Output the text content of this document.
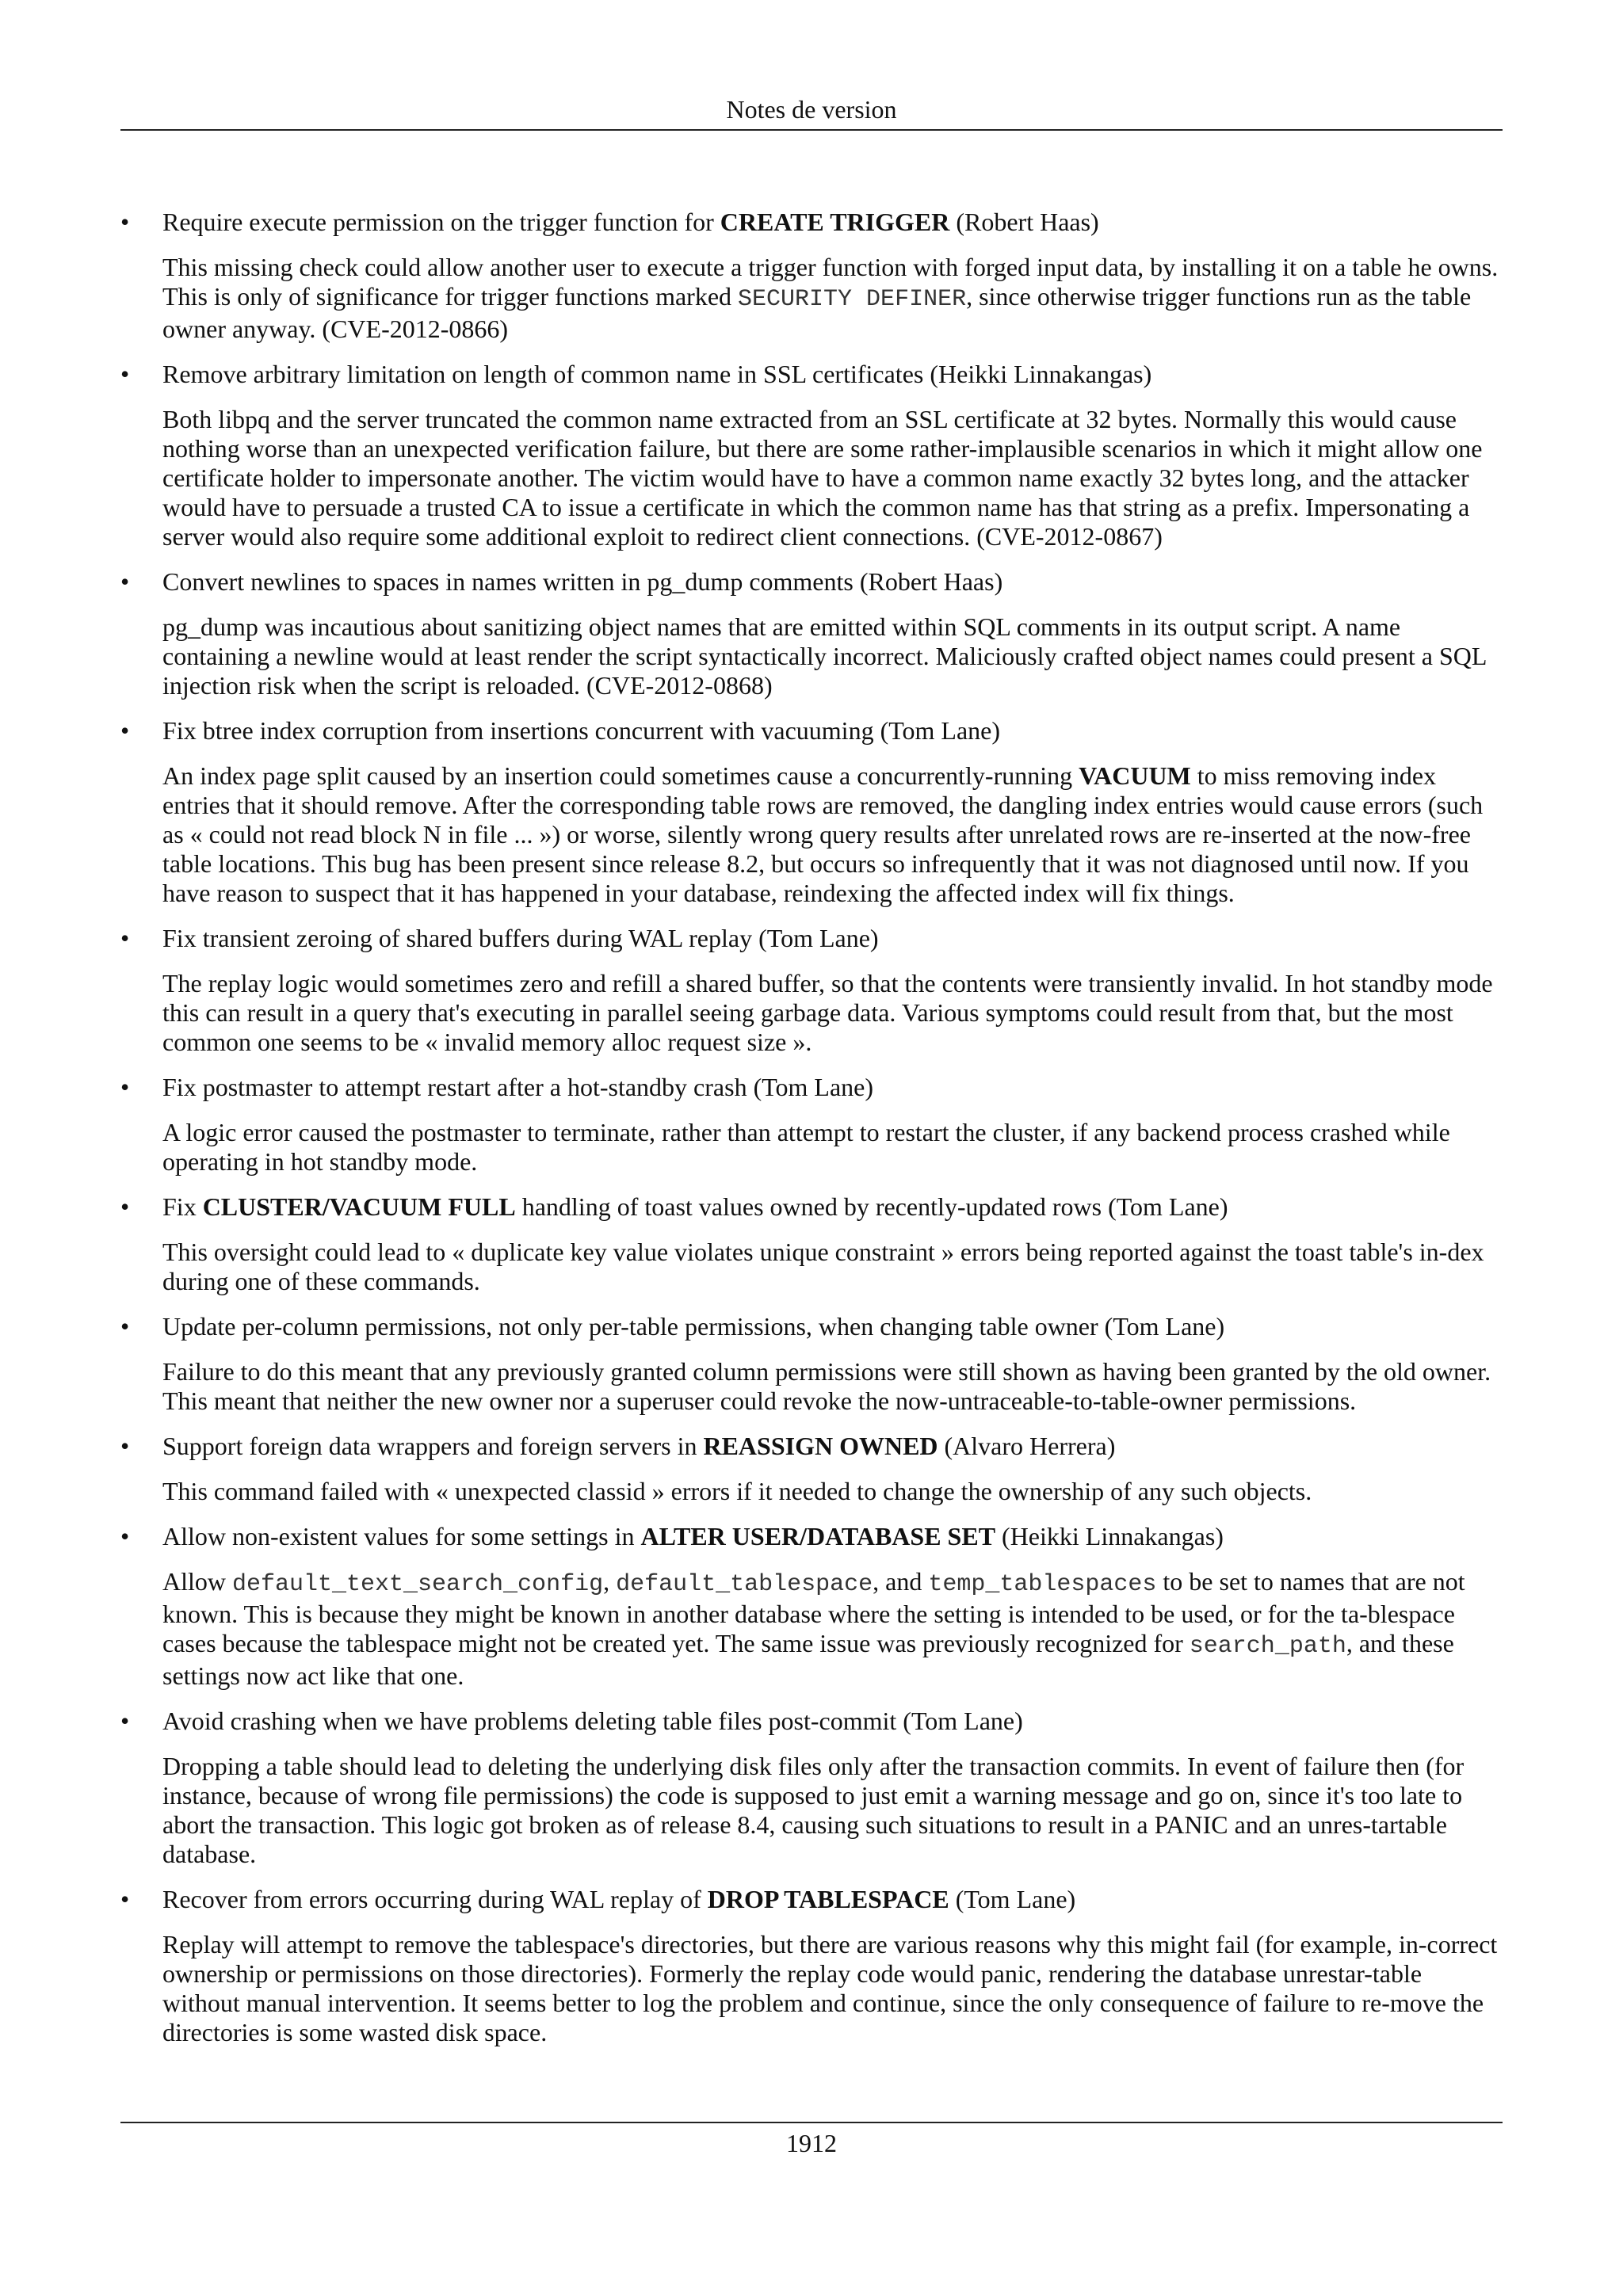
Notes de version

• Require execute permission on the trigger function for CREATE TRIGGER (Robert Haas)

This missing check could allow another user to execute a trigger function with forged input data, by installing it on a table he owns. This is only of significance for trigger functions marked SECURITY DEFINER, since otherwise trigger functions run as the table owner anyway. (CVE-2012-0866)

• Remove arbitrary limitation on length of common name in SSL certificates (Heikki Linnakangas)

Both libpq and the server truncated the common name extracted from an SSL certificate at 32 bytes. Normally this would cause nothing worse than an unexpected verification failure, but there are some rather-implausible scenarios in which it might allow one certificate holder to impersonate another. The victim would have to have a common name exactly 32 bytes long, and the attacker would have to persuade a trusted CA to issue a certificate in which the common name has that string as a prefix. Impersonating a server would also require some additional exploit to redirect client connections. (CVE-2012-0867)

• Convert newlines to spaces in names written in pg_dump comments (Robert Haas)

pg_dump was incautious about sanitizing object names that are emitted within SQL comments in its output script. A name containing a newline would at least render the script syntactically incorrect. Maliciously crafted object names could present a SQL injection risk when the script is reloaded. (CVE-2012-0868)

• Fix btree index corruption from insertions concurrent with vacuuming (Tom Lane)

An index page split caused by an insertion could sometimes cause a concurrently-running VACUUM to miss removing index entries that it should remove. After the corresponding table rows are removed, the dangling index entries would cause errors (such as « could not read block N in file ... ») or worse, silently wrong query results after unrelated rows are re-inserted at the now-free table locations. This bug has been present since release 8.2, but occurs so infrequently that it was not diagnosed until now. If you have reason to suspect that it has happened in your database, reindexing the affected index will fix things.

• Fix transient zeroing of shared buffers during WAL replay (Tom Lane)

The replay logic would sometimes zero and refill a shared buffer, so that the contents were transiently invalid. In hot standby mode this can result in a query that's executing in parallel seeing garbage data. Various symptoms could result from that, but the most common one seems to be « invalid memory alloc request size ».

• Fix postmaster to attempt restart after a hot-standby crash (Tom Lane)

A logic error caused the postmaster to terminate, rather than attempt to restart the cluster, if any backend process crashed while operating in hot standby mode.

• Fix CLUSTER/VACUUM FULL handling of toast values owned by recently-updated rows (Tom Lane)

This oversight could lead to « duplicate key value violates unique constraint » errors being reported against the toast table's in-dex during one of these commands.

• Update per-column permissions, not only per-table permissions, when changing table owner (Tom Lane)

Failure to do this meant that any previously granted column permissions were still shown as having been granted by the old owner. This meant that neither the new owner nor a superuser could revoke the now-untraceable-to-table-owner permissions.

• Support foreign data wrappers and foreign servers in REASSIGN OWNED (Alvaro Herrera)

This command failed with « unexpected classid » errors if it needed to change the ownership of any such objects.

• Allow non-existent values for some settings in ALTER USER/DATABASE SET (Heikki Linnakangas)

Allow default_text_search_config, default_tablespace, and temp_tablespaces to be set to names that are not known. This is because they might be known in another database where the setting is intended to be used, or for the ta-blespace cases because the tablespace might not be created yet. The same issue was previously recognized for search_path, and these settings now act like that one.

• Avoid crashing when we have problems deleting table files post-commit (Tom Lane)

Dropping a table should lead to deleting the underlying disk files only after the transaction commits. In event of failure then (for instance, because of wrong file permissions) the code is supposed to just emit a warning message and go on, since it's too late to abort the transaction. This logic got broken as of release 8.4, causing such situations to result in a PANIC and an unres-tartable database.

• Recover from errors occurring during WAL replay of DROP TABLESPACE (Tom Lane)

Replay will attempt to remove the tablespace's directories, but there are various reasons why this might fail (for example, in-correct ownership or permissions on those directories). Formerly the replay code would panic, rendering the database unrestar-table without manual intervention. It seems better to log the problem and continue, since the only consequence of failure to re-move the directories is some wasted disk space.

1912
